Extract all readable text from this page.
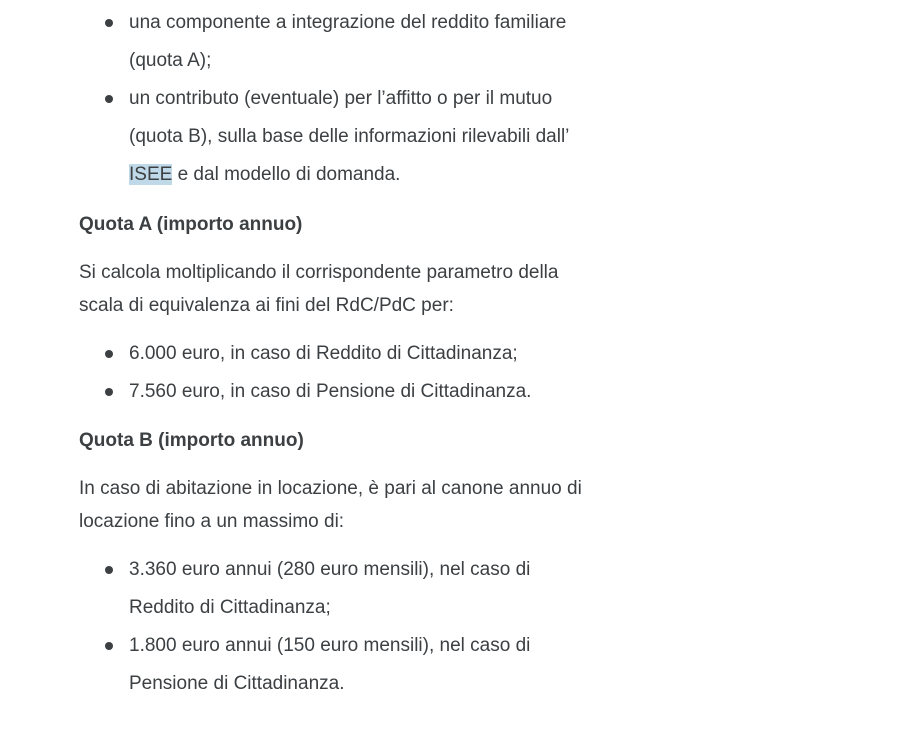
una componente a integrazione del reddito familiare
(quota A);
un contributo (eventuale) per l’affitto o per il mutuo
(quota B), sulla base delle informazioni rilevabili dall’
ISEE e dal modello di domanda.
Quota A (importo annuo)

Si calcola moltiplicando il corrispondente parametro della
scala di equivalenza ai fini del RdC/PdC per:

6.000 euro, in caso di Reddito di Cittadinanza;
7.560 euro, in caso di Pensione di Cittadinanza.
Quota B (importo annuo)

In caso di abitazione in locazione, è pari al canone annuo di
locazione fino a un massimo di:

3.360 euro annui (280 euro mensili), nel caso di
Reddito di Cittadinanza;
1.800 euro annui (150 euro mensili), nel caso di
Pensione di Cittadinanza.
